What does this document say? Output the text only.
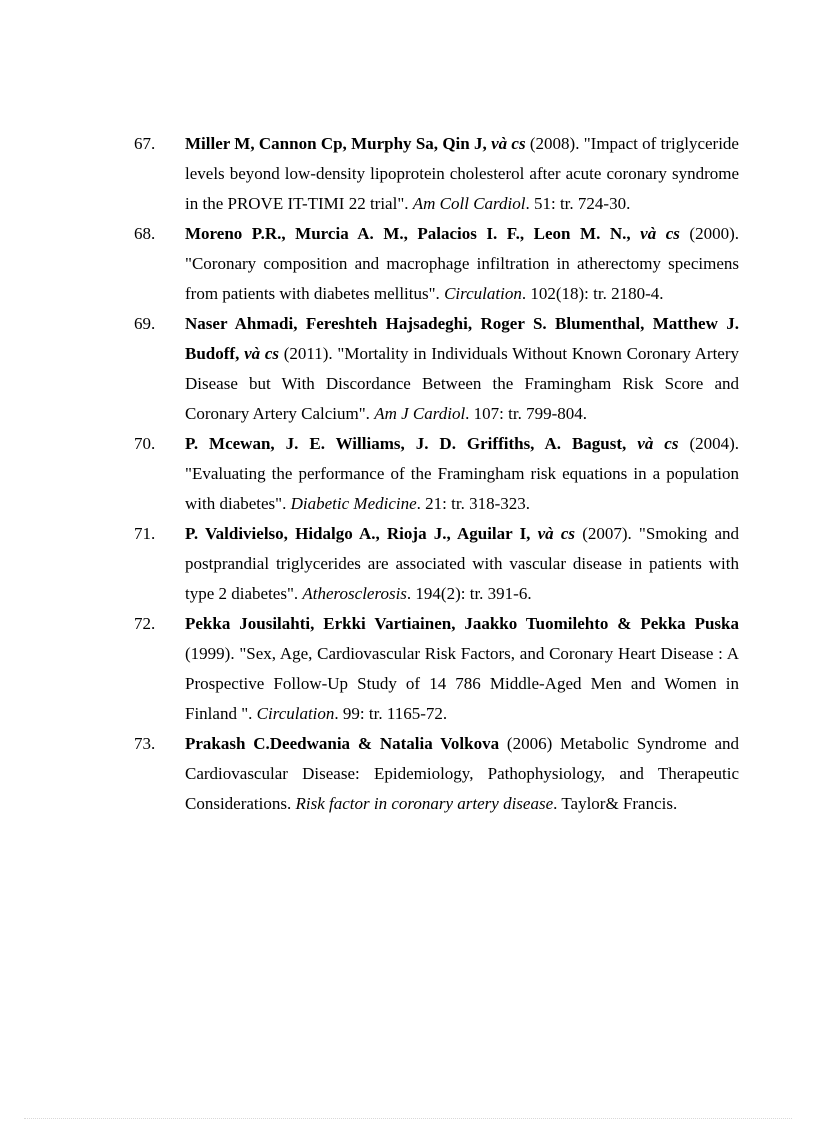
67.	Miller M, Cannon Cp, Murphy Sa, Qin J, và cs (2008). "Impact of triglyceride levels beyond low-density lipoprotein cholesterol after acute coronary syndrome in the PROVE IT-TIMI 22 trial". Am Coll Cardiol. 51: tr. 724-30.
68.	Moreno P.R., Murcia A. M., Palacios I. F., Leon M. N., và cs (2000). "Coronary composition and macrophage infiltration in atherectomy specimens from patients with diabetes mellitus". Circulation. 102(18): tr. 2180-4.
69.	Naser Ahmadi, Fereshteh Hajsadeghi, Roger S. Blumenthal, Matthew J. Budoff, và cs (2011). "Mortality in Individuals Without Known Coronary Artery Disease but With Discordance Between the Framingham Risk Score and Coronary Artery Calcium". Am J Cardiol. 107: tr. 799-804.
70.	P. Mcewan, J. E. Williams, J. D. Griffiths, A. Bagust, và cs (2004). "Evaluating the performance of the Framingham risk equations in a population with diabetes". Diabetic Medicine. 21: tr. 318-323.
71.	P. Valdivielso, Hidalgo A., Rioja J., Aguilar I, và cs (2007). "Smoking and postprandial triglycerides are associated with vascular disease in patients with type 2 diabetes". Atherosclerosis. 194(2): tr. 391-6.
72.	Pekka Jousilahti, Erkki Vartiainen, Jaakko Tuomilehto & Pekka Puska (1999). "Sex, Age, Cardiovascular Risk Factors, and Coronary Heart Disease : A Prospective Follow-Up Study of 14 786 Middle-Aged Men and Women in Finland ". Circulation. 99: tr. 1165-72.
73.	Prakash C.Deedwania & Natalia Volkova (2006) Metabolic Syndrome and Cardiovascular Disease: Epidemiology, Pathophysiology, and Therapeutic Considerations. Risk factor in coronary artery disease. Taylor& Francis.
